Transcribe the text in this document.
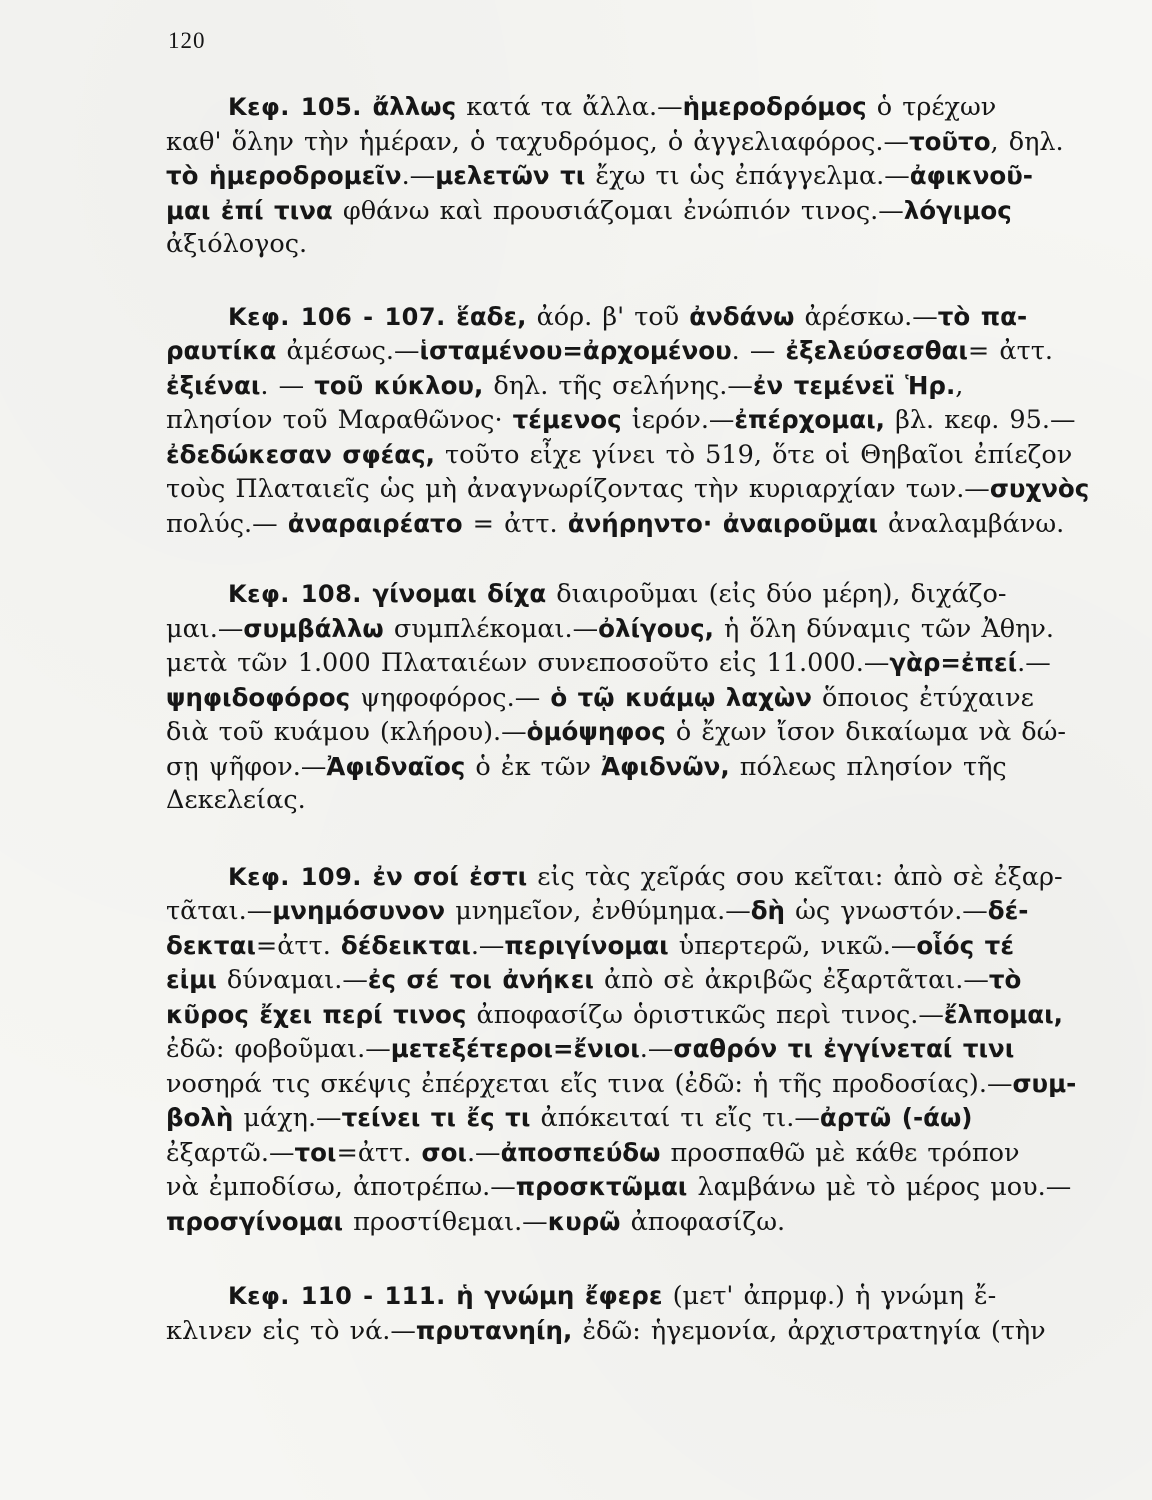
120
Κεφ. 105. ἄλλως κατά τα ἄλλα.—ἡμεροδρόμος ὁ τρέχων
καθ' ὅλην τὴν ἡμέραν, ὁ ταχυδρόμος, ὁ ἀγγελιαφόρος.—τοῦτο, δηλ.
τὸ ἡμεροδρομεῖν.—μελετῶν τι ἔχω τι ὡς ἐπάγγελμα.—ἀφικνοῦ-
μαι ἐπί τινα φθάνω καὶ προυσιάζομαι ἐνώπιόν τινος.—λόγιμος
ἀξιόλογος.
Κεφ. 106 - 107. ἕαδε, ἀόρ. β' τοῦ ἀνδάνω ἀρέσκω.—τὸ πα-
ραυτίκα ἀμέσως.—ἱσταμένου=ἀρχομένου. — ἐξελεύσεσθαι= ἀττ.
ἐξιέναι. — τοῦ κύκλου, δηλ. τῆς σελήνης.—ἐν τεμένεϊ Ἡρ.,
πλησίον τοῦ Μαραθῶνος· τέμενος ἱερόν.—ἐπέρχομαι, βλ. κεφ. 95.—
ἐδεδώκεσαν σφέας, τοῦτο εἶχε γίνει τὸ 519, ὅτε οἱ Θηβαῖοι ἐπίεζον
τοὺς Πλαταιεῖς ὡς μὴ ἀναγνωρίζοντας τὴν κυριαρχίαν των.—συχνὸς
πολύς.— ἀναραιρέατο = ἀττ. ἀνήρηντο· ἀναιροῦμαι ἀναλαμβάνω.
Κεφ. 108. γίνομαι δίχα διαιροῦμαι (εἰς δύο μέρη), διχάζο-
μαι.—συμβάλλω συμπλέκομαι.—ὀλίγους, ἡ ὅλη δύναμις τῶν Ἀθην.
μετὰ τῶν 1.000 Πλαταιέων συνεποσοῦτο εἰς 11.000.—γὰρ=ἐπεί.—
ψηφιδοφόρος ψηφοφόρος.— ὁ τῷ κυάμῳ λαχὼν ὅποιος ἐτύχαινε
διὰ τοῦ κυάμου (κλήρου).—ὁμόψηφος ὁ ἔχων ἴσον δικαίωμα νὰ δώ-
σῃ ψῆφον.—Ἀφιδναῖος ὁ ἐκ τῶν Ἀφιδνῶν, πόλεως πλησίον τῆς
Δεκελείας.
Κεφ. 109. ἐν σοί ἐστι εἰς τὰς χεῖράς σου κεῖται: ἀπὸ σὲ ἐξαρ-
τᾶται.—μνημόσυνον μνημεῖον, ἐνθύμημα.—δὴ ὡς γνωστόν.—δέ-
δεκται=ἀττ. δέδεικται.—περιγίνομαι ὑπερτερῶ, νικῶ.—οἷός τέ
εἰμι δύναμαι.—ἐς σέ τοι ἀνήκει ἀπὸ σὲ ἀκριβῶς ἐξαρτᾶται.—τὸ
κῦρος ἔχει περί τινος ἀποφασίζω ὁριστικῶς περὶ τινος.—ἔλπομαι,
ἐδῶ: φοβοῦμαι.—μετεξέτεροι=ἔνιοι.—σαθρόν τι ἐγγίνεταί τινι
νοσηρά τις σκέψις ἐπέρχεται εἴς τινα (ἐδῶ: ἡ τῆς προδοσίας).—συμ-
βολὴ μάχη.—τείνει τι ἔς τι ἀπόκειταί τι εἴς τι.—ἀρτῶ (-άω)
ἐξαρτῶ.—τοι=ἀττ. σοι.—ἀποσπεύδω προσπαθῶ μὲ κάθε τρόπον
νὰ ἐμποδίσω, ἀποτρέπω.—προσκτῶμαι λαμβάνω μὲ τὸ μέρος μου.—
προσγίνομαι προστίθεμαι.—κυρῶ ἀποφασίζω.
Κεφ. 110 - 111. ἡ γνώμη ἔφερε (μετ' ἀπρμφ.) ἡ γνώμη ἔ-
κλινεν εἰς τὸ νά.—πρυτανηίη, ἐδῶ: ἡγεμονία, ἀρχιστρατηγία (τὴν
